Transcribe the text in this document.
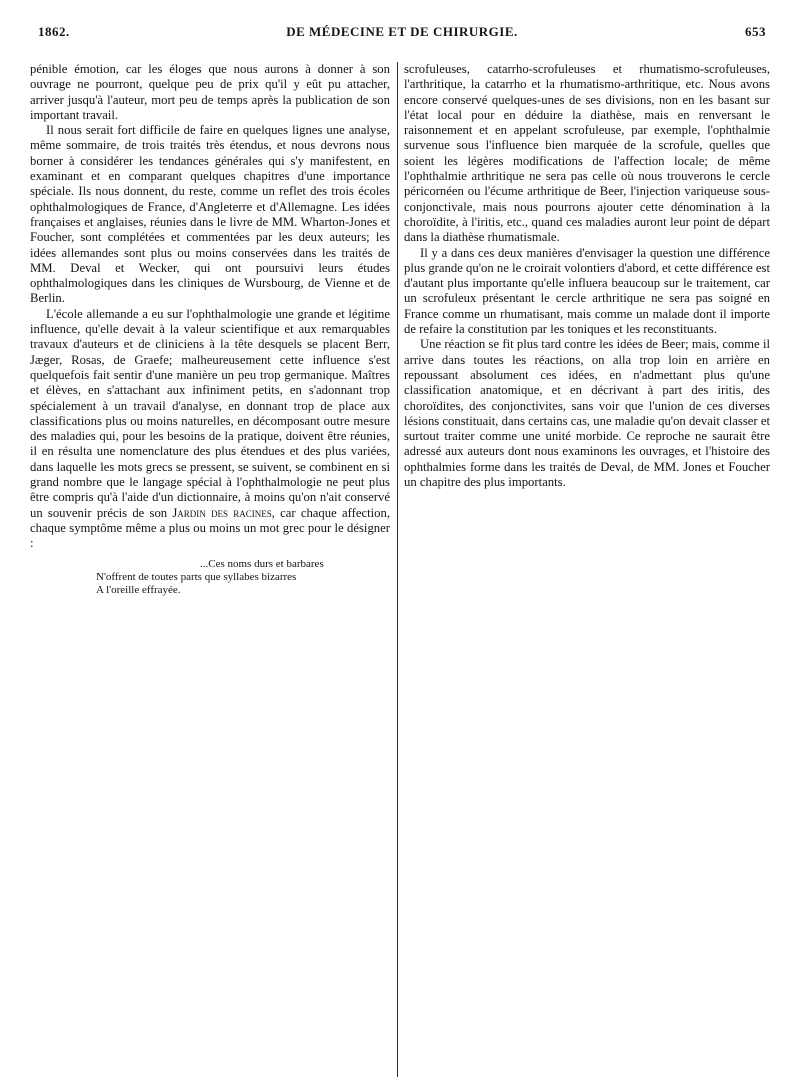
1862.	DE MÉDECINE ET DE CHIRURGIE.	653

pénible émotion, car les éloges que nous aurons à donner à son ouvrage ne pourront, quelque peu de prix qu'il y eût pu attacher, arriver jusqu'à l'auteur, mort peu de temps après la publication de son important travail.

Il nous serait fort difficile de faire en quelques lignes une analyse, même sommaire, de trois traités très étendus, et nous devrons nous borner à considérer les tendances générales qui s'y manifestent, en examinant et en comparant quelques chapitres d'une importance spéciale. Ils nous donnent, du reste, comme un reflet des trois écoles ophthalmologiques de France, d'Angleterre et d'Allemagne. Les idées françaises et anglaises, réunies dans le livre de MM. Wharton-Jones et Foucher, sont complétées et commentées par les deux auteurs; les idées allemandes sont plus ou moins conservées dans les traités de MM. Deval et Wecker, qui ont poursuivi leurs études ophthalmologiques dans les cliniques de Wursbourg, de Vienne et de Berlin.

L'école allemande a eu sur l'ophthalmologie une grande et légitime influence, qu'elle devait à la valeur scientifique et aux remarquables travaux d'auteurs et de cliniciens à la tête desquels se placent Berr, Jæger, Rosas, de Graefe; malheureusement cette influence s'est quelquefois fait sentir d'une manière un peu trop germanique. Maîtres et élèves, en s'attachant aux infiniment petits, en s'adonnant trop spécialement à un travail d'analyse, en donnant trop de place aux classifications plus ou moins naturelles, en décomposant outre mesure des maladies qui, pour les besoins de la pratique, doivent être réunies, il en résulta une nomenclature des plus étendues et des plus variées, dans laquelle les mots grecs se pressent, se suivent, se combinent en si grand nombre que le langage spécial à l'ophthalmologie ne peut plus être compris qu'à l'aide d'un dictionnaire, à moins qu'on n'ait conservé un souvenir précis de son Jardin des racines, car chaque affection, chaque symptôme même a plus ou moins un mot grec pour le désigner :

...Ces noms durs et barbares
N'offrent de toutes parts que syllabes bizarres
A l'oreille effrayée.

scrofuleuses, catarrho-scrofuleuses et rhumatismo-scrofuleuses, l'arthritique, la catarrho et la rhumatismo-arthritique, etc. Nous avons encore conservé quelques-unes de ses divisions, non en les basant sur l'état local pour en déduire la diathèse, mais en renversant le raisonnement et en appelant scrofuleuse, par exemple, l'ophthalmie survenue sous l'influence bien marquée de la scrofule, quelles que soient les légères modifications de l'affection locale; de même l'ophthalmie arthritique ne sera pas celle où nous trouverons le cercle péricornéen ou l'écume arthritique de Beer, l'injection variqueuse sous-conjonctivale, mais nous pourrons ajouter cette dénomination à la choroïdite, à l'iritis, etc., quand ces maladies auront leur point de départ dans la diathèse rhumatismale.

Il y a dans ces deux manières d'envisager la question une différence plus grande qu'on ne le croirait volontiers d'abord, et cette différence est d'autant plus importante qu'elle influera beaucoup sur le traitement, car un scrofuleux présentant le cercle arthritique ne sera pas soigné en France comme un rhumatisant, mais comme un malade dont il importe de refaire la constitution par les toniques et les reconstituants.

Une réaction se fit plus tard contre les idées de Beer; mais, comme il arrive dans toutes les réactions, on alla trop loin en arrière en repoussant absolument ces idées, en n'admettant plus qu'une classification anatomique, et en décrivant à part des iritis, des choroïdites, des conjonctivites, sans voir que l'union de ces diverses lésions constituait, dans certains cas, une maladie qu'on devait classer et surtout traiter comme une unité morbide. Ce reproche ne saurait être adressé aux auteurs dont nous examinons les ouvrages, et l'histoire des ophthalmies forme dans les traités de Deval, de MM. Jones et Foucher un chapitre des plus importants.
